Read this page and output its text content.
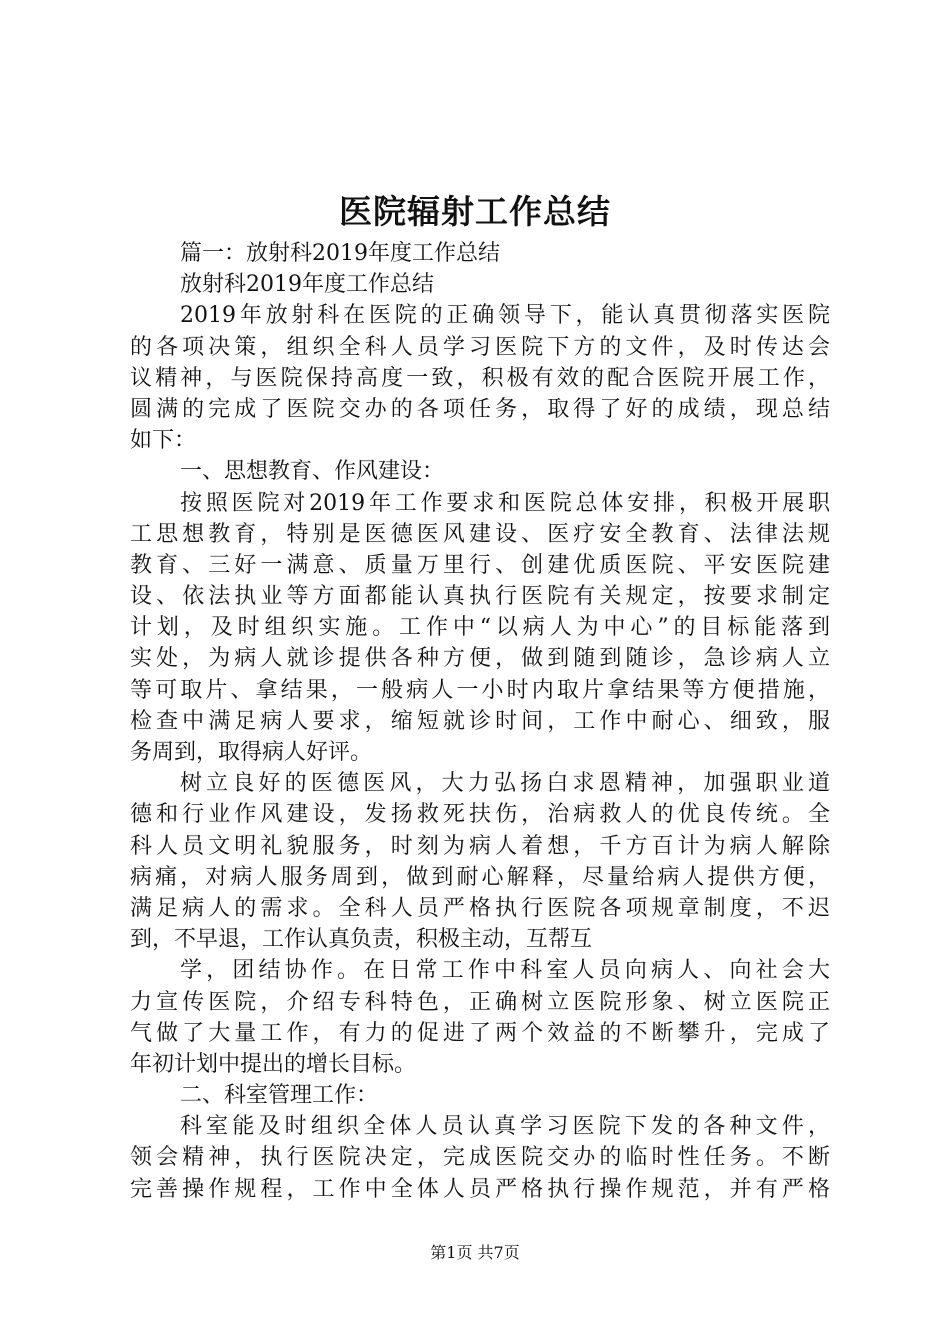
医院辐射工作总结
篇一：放射科2019年度工作总结
放射科2019年度工作总结
2019年放射科在医院的正确领导下，能认真贯彻落实医院
的各项决策，组织全科人员学习医院下方的文件，及时传达会
议精神，与医院保持高度一致，积极有效的配合医院开展工作，
圆满的完成了医院交办的各项任务，取得了好的成绩，现总结
如下：
一、思想教育、作风建设：
按照医院对2019年工作要求和医院总体安排，积极开展职
工思想教育，特别是医德医风建设、医疗安全教育、法律法规
教育、三好一满意、质量万里行、创建优质医院、平安医院建
设、依法执业等方面都能认真执行医院有关规定，按要求制定
计划，及时组织实施。工作中“以病人为中心”的目标能落到
实处，为病人就诊提供各种方便，做到随到随诊，急诊病人立
等可取片、拿结果，一般病人一小时内取片拿结果等方便措施，
检查中满足病人要求，缩短就诊时间，工作中耐心、细致，服
务周到，取得病人好评。
树立良好的医德医风，大力弘扬白求恩精神，加强职业道
德和行业作风建设，发扬救死扶伤，治病救人的优良传统。全
科人员文明礼貌服务，时刻为病人着想，千方百计为病人解除
病痛，对病人服务周到，做到耐心解释，尽量给病人提供方便，
满足病人的需求。全科人员严格执行医院各项规章制度，不迟
到，不早退，工作认真负责，积极主动，互帮互
学，团结协作。在日常工作中科室人员向病人、向社会大
力宣传医院，介绍专科特色，正确树立医院形象、树立医院正
气做了大量工作，有力的促进了两个效益的不断攀升，完成了
年初计划中提出的增长目标。
二、科室管理工作：
科室能及时组织全体人员认真学习医院下发的各种文件，
领会精神，执行医院决定，完成医院交办的临时性任务。不断
完善操作规程，工作中全体人员严格执行操作规范，并有严格
第1页 共7页
